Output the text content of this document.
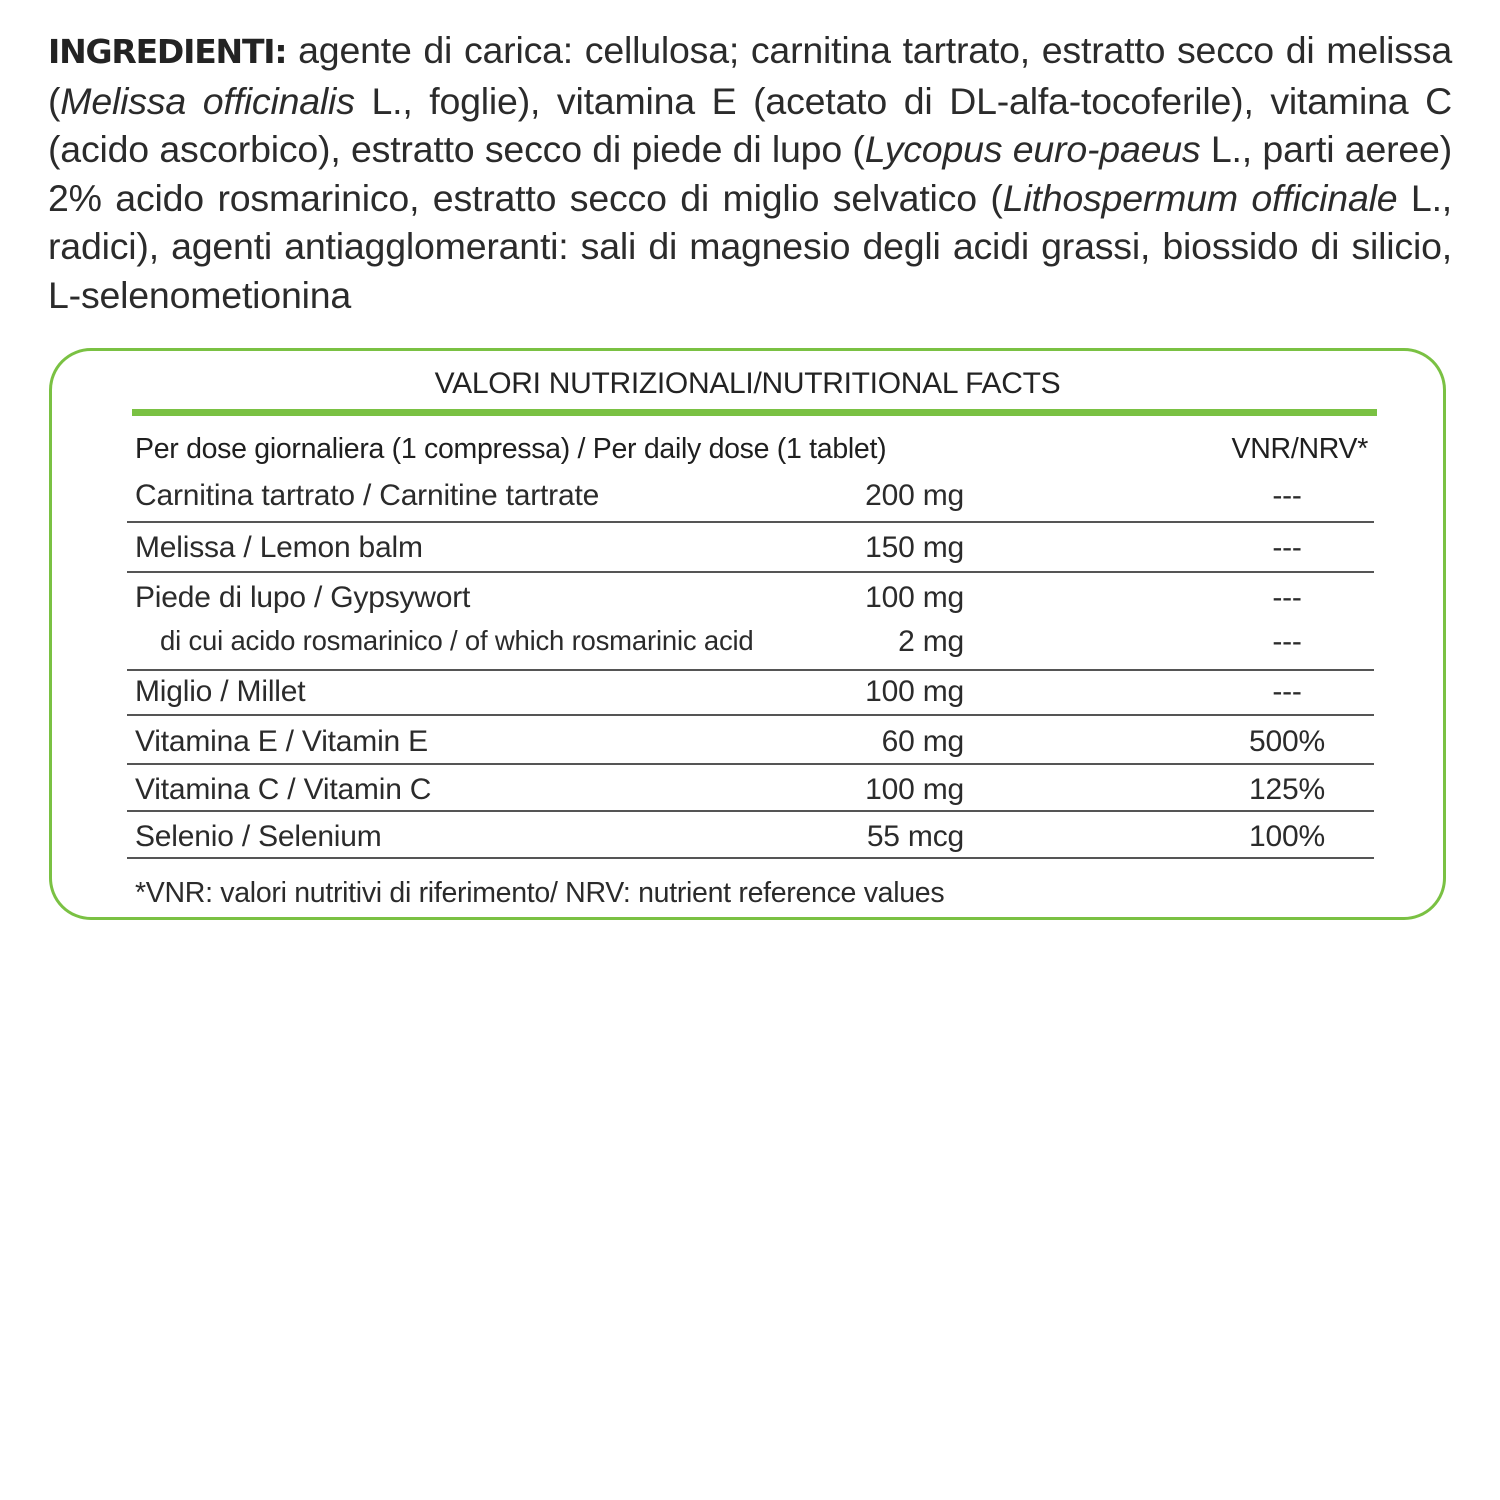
INGREDIENTI: agente di carica: cellulosa; carnitina tartrato, estratto secco di melissa (Melissa officinalis L., foglie), vitamina E (acetato di DL-alfa-tocoferile), vitamina C (acido ascorbico), estratto secco di piede di lupo (Lycopus euro-paeus L., parti aeree) 2% acido rosmarinico, estratto secco di miglio selvatico (Lithospermum officinale L., radici), agenti antiagglomeranti: sali di magnesio degli acidi grassi, biossido di silicio, L-selenometionina
VALORI NUTRIZIONALI/NUTRITIONAL FACTS
Per dose giornaliera (1 compressa) / Per daily dose (1 tablet)	VNR/NRV*
Carnitina tartrato / Carnitine tartrate	200 mg	---
Melissa / Lemon balm	150 mg	---
Piede di lupo / Gypsywort	100 mg	---
di cui acido rosmarinico / of which rosmarinic acid	2 mg	---
Miglio / Millet	100 mg	---
Vitamina E / Vitamin E	60 mg	500%
Vitamina C / Vitamin C	100 mg	125%
Selenio / Selenium	55 mcg	100%
*VNR: valori nutritivi di riferimento/ NRV: nutrient reference values
